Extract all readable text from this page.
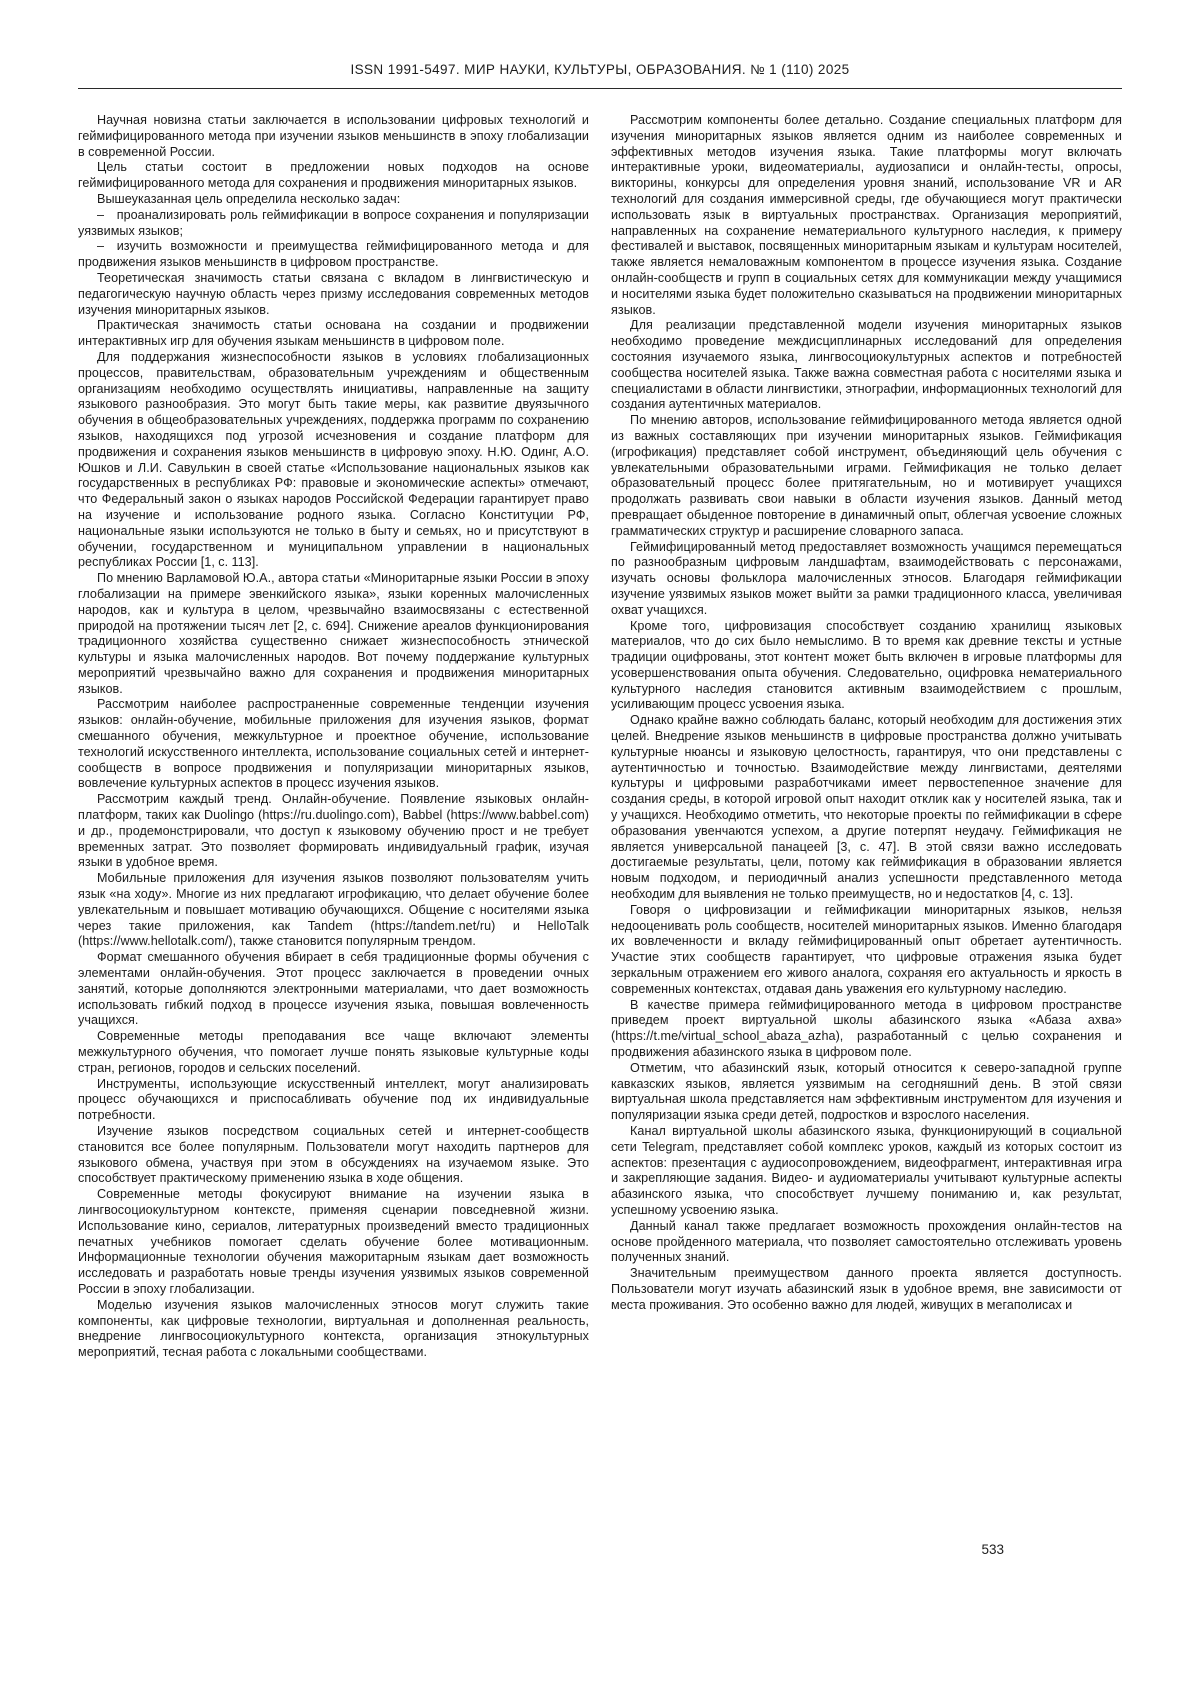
ISSN 1991-5497. МИР НАУКИ, КУЛЬТУРЫ, ОБРАЗОВАНИЯ. № 1 (110) 2025

Научная новизна статьи заключается в использовании цифровых технологий и геймифицированного метода при изучении языков меньшинств в эпоху глобализации в современной России.

Цель статьи состоит в предложении новых подходов на основе геймифицированного метода для сохранения и продвижения миноритарных языков.

Вышеуказанная цель определила несколько задач:

– проанализировать роль геймификации в вопросе сохранения и популяризации уязвимых языков;

– изучить возможности и преимущества геймифицированного метода и для продвижения языков меньшинств в цифровом пространстве.

Теоретическая значимость статьи связана с вкладом в лингвистическую и педагогическую научную область через призму исследования современных методов изучения миноритарных языков.

Практическая значимость статьи основана на создании и продвижении интерактивных игр для обучения языкам меньшинств в цифровом поле.

Для поддержания жизнеспособности языков в условиях глобализационных процессов, правительствам, образовательным учреждениям и общественным организациям необходимо осуществлять инициативы, направленные на защиту языкового разнообразия. Это могут быть такие меры, как развитие двуязычного обучения в общеобразовательных учреждениях, поддержка программ по сохранению языков, находящихся под угрозой исчезновения и создание платформ для продвижения и сохранения языков меньшинств в цифровую эпоху. Н.Ю. Одинг, А.О. Юшков и Л.И. Савулькин в своей статье «Использование национальных языков как государственных в республиках РФ: правовые и экономические аспекты» отмечают, что Федеральный закон о языках народов Российской Федерации гарантирует право на изучение и использование родного языка. Согласно Конституции РФ, национальные языки используются не только в быту и семьях, но и присутствуют в обучении, государственном и муниципальном управлении в национальных республиках России [1, с. 113].

По мнению Варламовой Ю.А., автора статьи «Миноритарные языки России в эпоху глобализации на примере эвенкийского языка», языки коренных малочисленных народов, как и культура в целом, чрезвычайно взаимосвязаны с естественной природой на протяжении тысяч лет [2, с. 694]. Снижение ареалов функционирования традиционного хозяйства существенно снижает жизнеспособность этнической культуры и языка малочисленных народов. Вот почему поддержание культурных мероприятий чрезвычайно важно для сохранения и продвижения миноритарных языков.

Рассмотрим наиболее распространенные современные тенденции изучения языков: онлайн-обучение, мобильные приложения для изучения языков, формат смешанного обучения, межкультурное и проектное обучение, использование технологий искусственного интеллекта, использование социальных сетей и интернет-сообществ в вопросе продвижения и популяризации миноритарных языков, вовлечение культурных аспектов в процесс изучения языков.

Рассмотрим каждый тренд. Онлайн-обучение. Появление языковых онлайн-платформ, таких как Duolingo (https://ru.duolingo.com), Babbel (https://www.babbel.com) и др., продемонстрировали, что доступ к языковому обучению прост и не требует временных затрат. Это позволяет формировать индивидуальный график, изучая языки в удобное время.

Мобильные приложения для изучения языков позволяют пользователям учить язык «на ходу». Многие из них предлагают игрофикацию, что делает обучение более увлекательным и повышает мотивацию обучающихся. Общение с носителями языка через такие приложения, как Tandem (https://tandem.net/ru) и HelloTalk (https://www.hellotalk.com/), также становится популярным трендом.

Формат смешанного обучения вбирает в себя традиционные формы обучения с элементами онлайн-обучения. Этот процесс заключается в проведении очных занятий, которые дополняются электронными материалами, что дает возможность использовать гибкий подход в процессе изучения языка, повышая вовлеченность учащихся.

Современные методы преподавания все чаще включают элементы межкультурного обучения, что помогает лучше понять языковые культурные коды стран, регионов, городов и сельских поселений.

Инструменты, использующие искусственный интеллект, могут анализировать процесс обучающихся и приспосабливать обучение под их индивидуальные потребности.

Изучение языков посредством социальных сетей и интернет-сообществ становится все более популярным. Пользователи могут находить партнеров для языкового обмена, участвуя при этом в обсуждениях на изучаемом языке. Это способствует практическому применению языка в ходе общения.

Современные методы фокусируют внимание на изучении языка в лингвосоциокультурном контексте, применяя сценарии повседневной жизни. Использование кино, сериалов, литературных произведений вместо традиционных печатных учебников помогает сделать обучение более мотивационным. Информационные технологии обучения мажоритарным языкам дает возможность исследовать и разработать новые тренды изучения уязвимых языков современной России в эпоху глобализации.

Моделью изучения языков малочисленных этносов могут служить такие компоненты, как цифровые технологии, виртуальная и дополненная реальность, внедрение лингвосоциокультурного контекста, организация этнокультурных мероприятий, тесная работа с локальными сообществами.

Рассмотрим компоненты более детально. Создание специальных платформ для изучения миноритарных языков является одним из наиболее современных и эффективных методов изучения языка. Такие платформы могут включать интерактивные уроки, видеоматериалы, аудиозаписи и онлайн-тесты, опросы, викторины, конкурсы для определения уровня знаний, использование VR и AR технологий для создания иммерсивной среды, где обучающиеся могут практически использовать язык в виртуальных пространствах. Организация мероприятий, направленных на сохранение нематериального культурного наследия, к примеру фестивалей и выставок, посвященных миноритарным языкам и культурам носителей, также является немаловажным компонентом в процессе изучения языка. Создание онлайн-сообществ и групп в социальных сетях для коммуникации между учащимися и носителями языка будет положительно сказываться на продвижении миноритарных языков.

Для реализации представленной модели изучения миноритарных языков необходимо проведение междисциплинарных исследований для определения состояния изучаемого языка, лингвосоциокультурных аспектов и потребностей сообщества носителей языка. Также важна совместная работа с носителями языка и специалистами в области лингвистики, этнографии, информационных технологий для создания аутентичных материалов.

По мнению авторов, использование геймифицированного метода является одной из важных составляющих при изучении миноритарных языков. Геймификация (игрофикация) представляет собой инструмент, объединяющий цель обучения с увлекательными образовательными играми. Геймификация не только делает образовательный процесс более притягательным, но и мотивирует учащихся продолжать развивать свои навыки в области изучения языков. Данный метод превращает обыденное повторение в динамичный опыт, облегчая усвоение сложных грамматических структур и расширение словарного запаса.

Геймифицированный метод предоставляет возможность учащимся перемещаться по разнообразным цифровым ландшафтам, взаимодействовать с персонажами, изучать основы фольклора малочисленных этносов. Благодаря геймификации изучение уязвимых языков может выйти за рамки традиционного класса, увеличивая охват учащихся.

Кроме того, цифровизация способствует созданию хранилищ языковых материалов, что до сих было немыслимо. В то время как древние тексты и устные традиции оцифрованы, этот контент может быть включен в игровые платформы для усовершенствования опыта обучения. Следовательно, оцифровка нематериального культурного наследия становится активным взаимодействием с прошлым, усиливающим процесс усвоения языка.

Однако крайне важно соблюдать баланс, который необходим для достижения этих целей. Внедрение языков меньшинств в цифровые пространства должно учитывать культурные нюансы и языковую целостность, гарантируя, что они представлены с аутентичностью и точностью. Взаимодействие между лингвистами, деятелями культуры и цифровыми разработчиками имеет первостепенное значение для создания среды, в которой игровой опыт находит отклик как у носителей языка, так и у учащихся. Необходимо отметить, что некоторые проекты по геймификации в сфере образования увенчаются успехом, а другие потерпят неудачу. Геймификация не является универсальной панацеей [3, с. 47]. В этой связи важно исследовать достигаемые результаты, цели, потому как геймификация в образовании является новым подходом, и периодичный анализ успешности представленного метода необходим для выявления не только преимуществ, но и недостатков [4, с. 13].

Говоря о цифровизации и геймификации миноритарных языков, нельзя недооценивать роль сообществ, носителей миноритарных языков. Именно благодаря их вовлеченности и вкладу геймифицированный опыт обретает аутентичность. Участие этих сообществ гарантирует, что цифровые отражения языка будет зеркальным отражением его живого аналога, сохраняя его актуальность и яркость в современных контекстах, отдавая дань уважения его культурному наследию.

В качестве примера геймифицированного метода в цифровом пространстве приведем проект виртуальной школы абазинского языка «Абаза ахва» (https://t.me/virtual_school_abaza_azha), разработанный с целью сохранения и продвижения абазинского языка в цифровом поле.

Отметим, что абазинский язык, который относится к северо-западной группе кавказских языков, является уязвимым на сегодняшний день. В этой связи виртуальная школа представляется нам эффективным инструментом для изучения и популяризации языка среди детей, подростков и взрослого населения.

Канал виртуальной школы абазинского языка, функционирующий в социальной сети Telegram, представляет собой комплекс уроков, каждый из которых состоит из аспектов: презентация с аудиосопровождением, видеофрагмент, интерактивная игра и закрепляющие задания. Видео- и аудиоматериалы учитывают культурные аспекты абазинского языка, что способствует лучшему пониманию и, как результат, успешному усвоению языка.

Данный канал также предлагает возможность прохождения онлайн-тестов на основе пройденного материала, что позволяет самостоятельно отслеживать уровень полученных знаний.

Значительным преимуществом данного проекта является доступность. Пользователи могут изучать абазинский язык в удобное время, вне зависимости от места проживания. Это особенно важно для людей, живущих в мегаполисах и

533
